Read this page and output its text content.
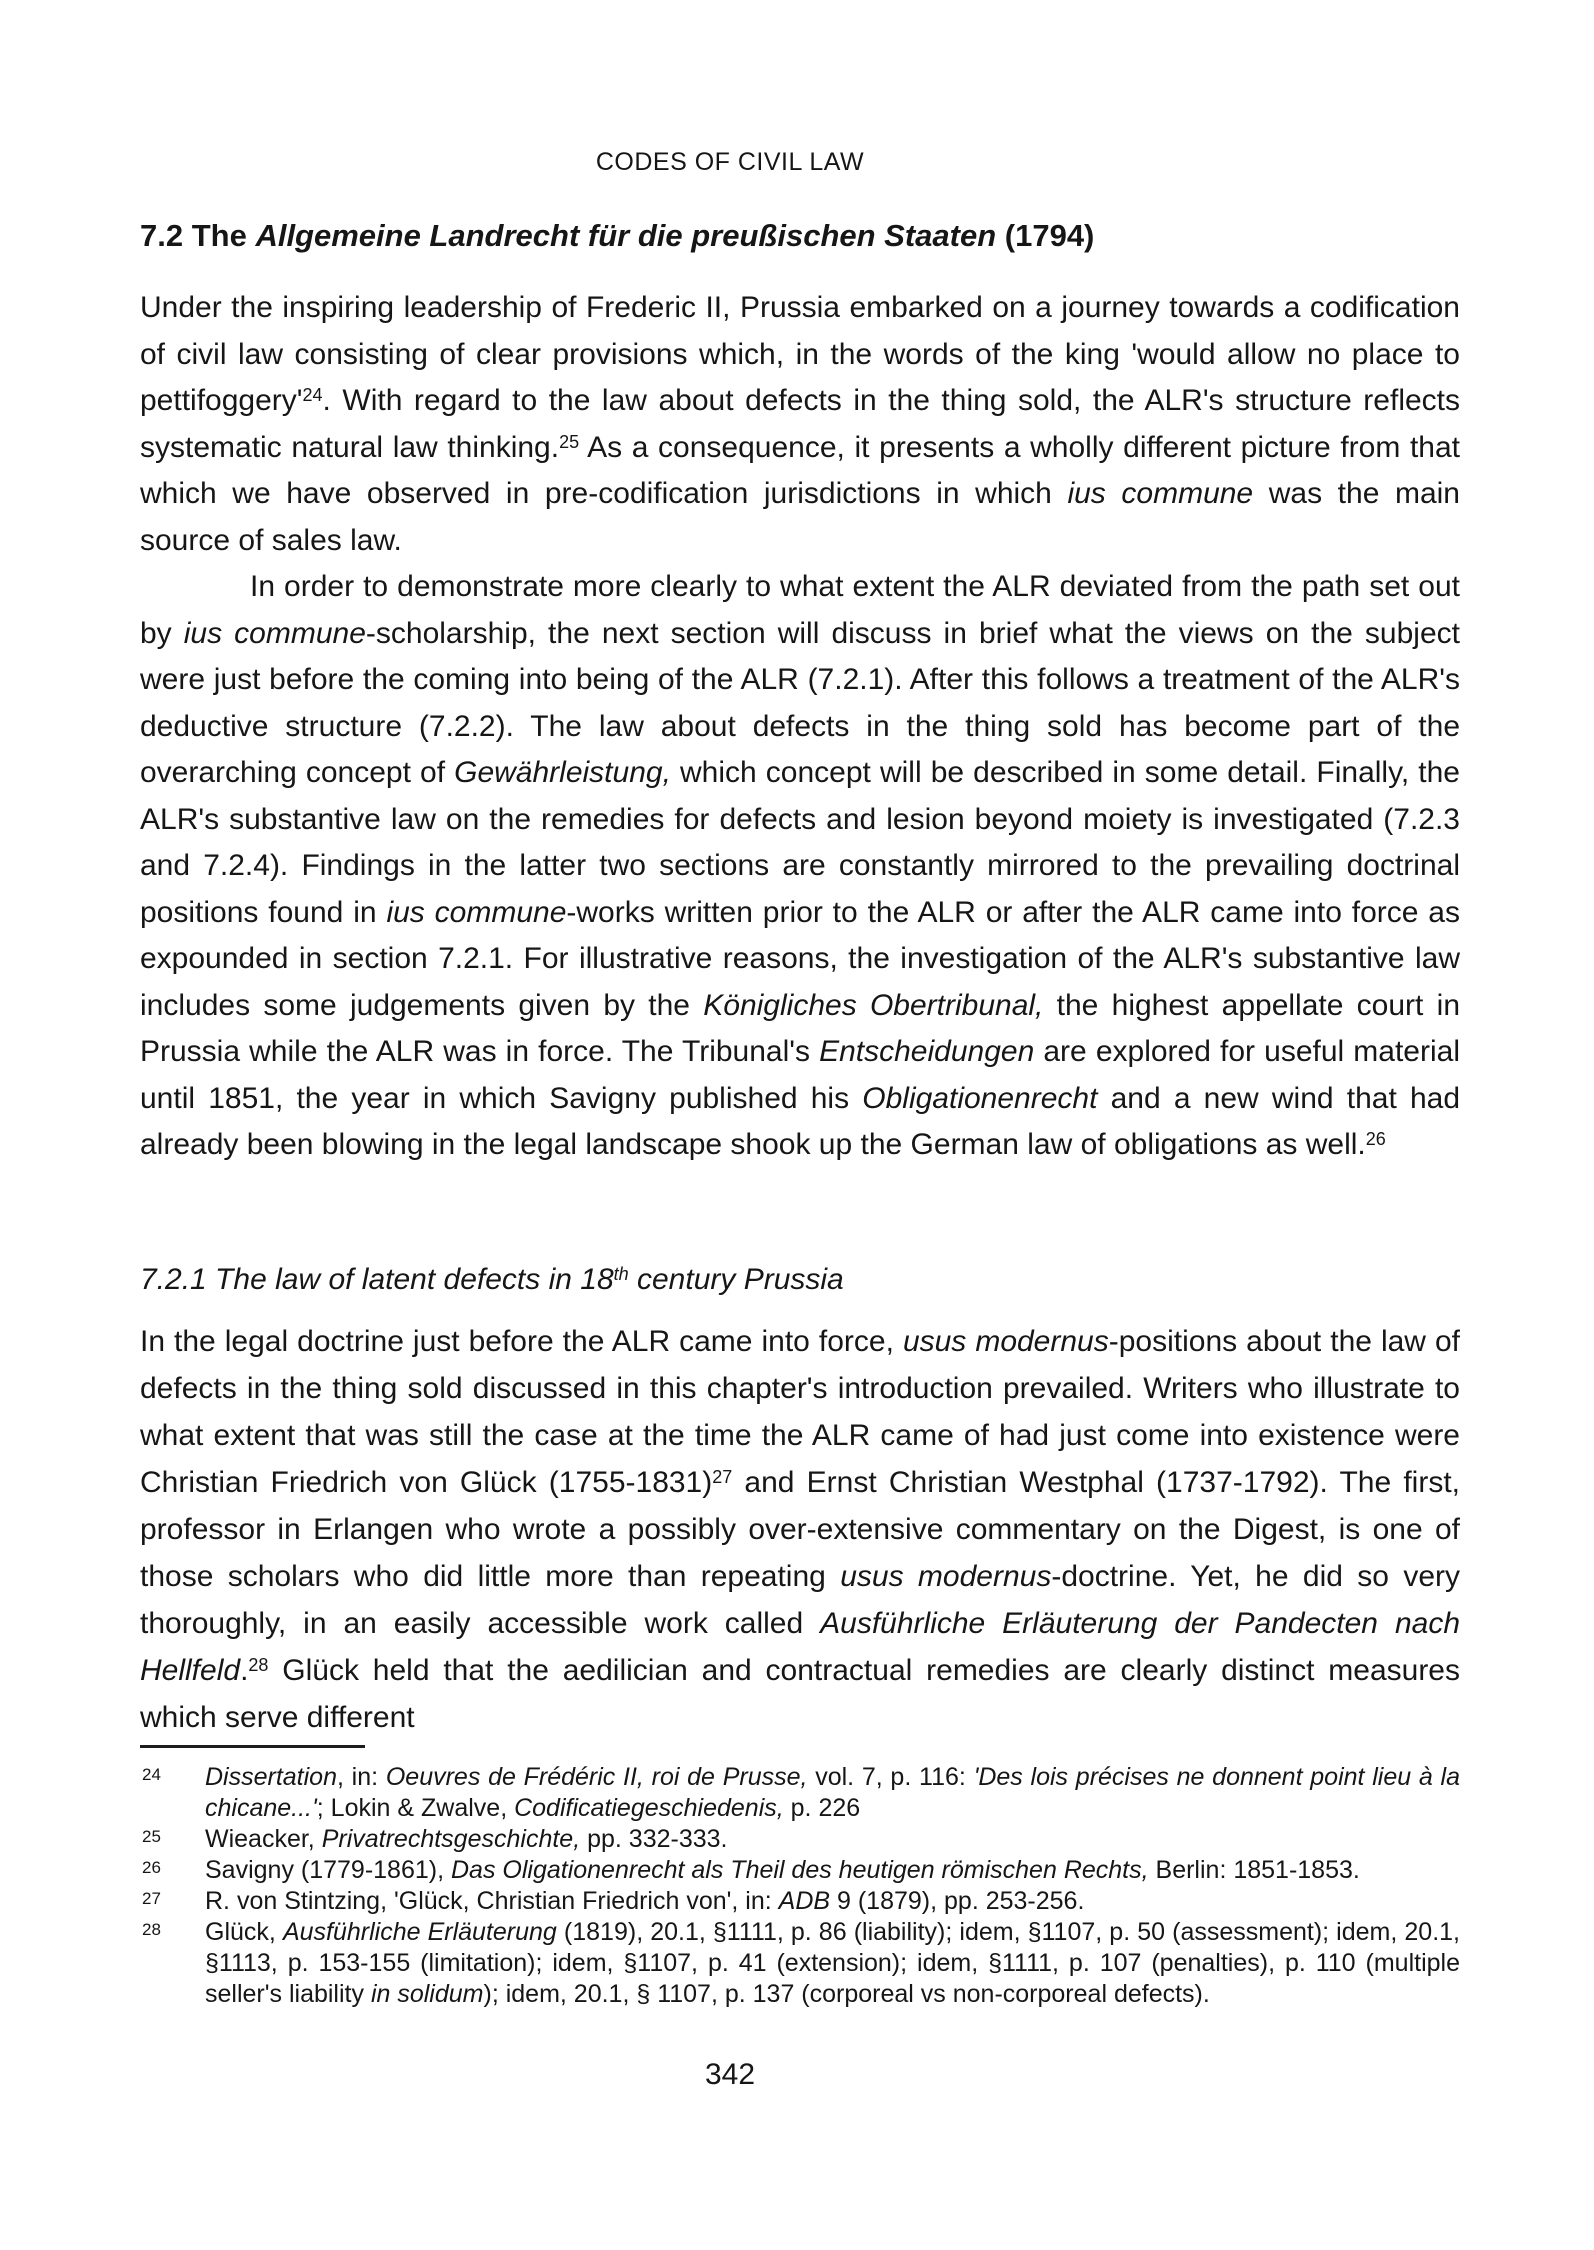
CODES OF CIVIL LAW
7.2 The Allgemeine Landrecht für die preußischen Staaten (1794)

Under the inspiring leadership of Frederic II, Prussia embarked on a journey towards a codification of civil law consisting of clear provisions which, in the words of the king 'would allow no place to $pettifoggery'^{24}$. With regard to the law about defects in the thing sold, the ALR's structure reflects systematic natural law thinking.$^{25}$ As a consequence, it presents a wholly different picture from that which we have observed in pre-codification jurisdictions in which ius commune was the main source of sales law.

In order to demonstrate more clearly to what extent the ALR deviated from the path set out by ius commune-scholarship, the next section will discuss in brief what the views on the subject were just before the coming into being of the ALR (7.2.1). After this follows a treatment of the ALR's deductive structure (7.2.2). The law about defects in the thing sold has become part of the overarching concept of Gewährleistung, which concept will be described in some detail. Finally, the ALR's substantive law on the remedies for defects and lesion beyond moiety is investigated (7.2.3 and 7.2.4). Findings in the latter two sections are constantly mirrored to the prevailing doctrinal positions found in ius commune-works written prior to the ALR or after the ALR came into force as expounded in section 7.2.1. For illustrative reasons, the investigation of the ALR's substantive law includes some judgements given by the Königliches Obertribunal, the highest appellate court in Prussia while the ALR was in force. The Tribunal's Entscheidungen are explored for useful material until 1851, the year in which Savigny published his Obligationenrecht and a new wind that had already been blowing in the legal landscape shook up the German law of obligations as well.$^{26}$

7.2.1 The law of latent defects in 18th century Prussia

In the legal doctrine just before the ALR came into force, usus modernus-positions about the law of defects in the thing sold discussed in this chapter's introduction prevailed. Writers who illustrate to what extent that was still the case at the time the ALR came of had just come into existence were Christian Friedrich von Glück (1755-1831)$^{27}$ and Ernst Christian Westphal (1737-1792). The first, professor in Erlangen who wrote a possibly over-extensive commentary on the Digest, is one of those scholars who did little more than repeating usus modernus-doctrine. Yet, he did so very thoroughly, in an easily accessible work called Ausführliche Erläuterung der Pandecten nach Hellfeld.$^{28}$ Glück held that the aedilician and contractual remedies are clearly distinct measures which serve different

24 Dissertation, in: Oeuvres de Frédéric II, roi de Prusse, vol. 7, p. 116: 'Des lois précises ne donnent point lieu à la chicane...'; Lokin & Zwalve, Codificatiegeschiedenis, p. 226

25 Wieacker, Privatrechtsgeschichte, pp. 332-333.

26 Savigny (1779-1861), Das Oligationenrecht als Theil des heutigen römischen Rechts, Berlin: 1851-1853.

27 R. von Stintzing, 'Glück, Christian Friedrich von', in: ADB 9 (1879), pp. 253-256.

28 Glück, Ausführliche Erläuterung (1819), 20.1, §1111, p. 86 (liability); idem, §1107, p. 50 (assessment); idem, 20.1, §1113, p. 153-155 (limitation); idem, §1107, p. 41 (extension); idem, §1111, p. 107 (penalties), p. 110 (multiple seller's liability in solidum); idem, 20.1, § 1107, p. 137 (corporeal vs non-corporeal defects).

342
